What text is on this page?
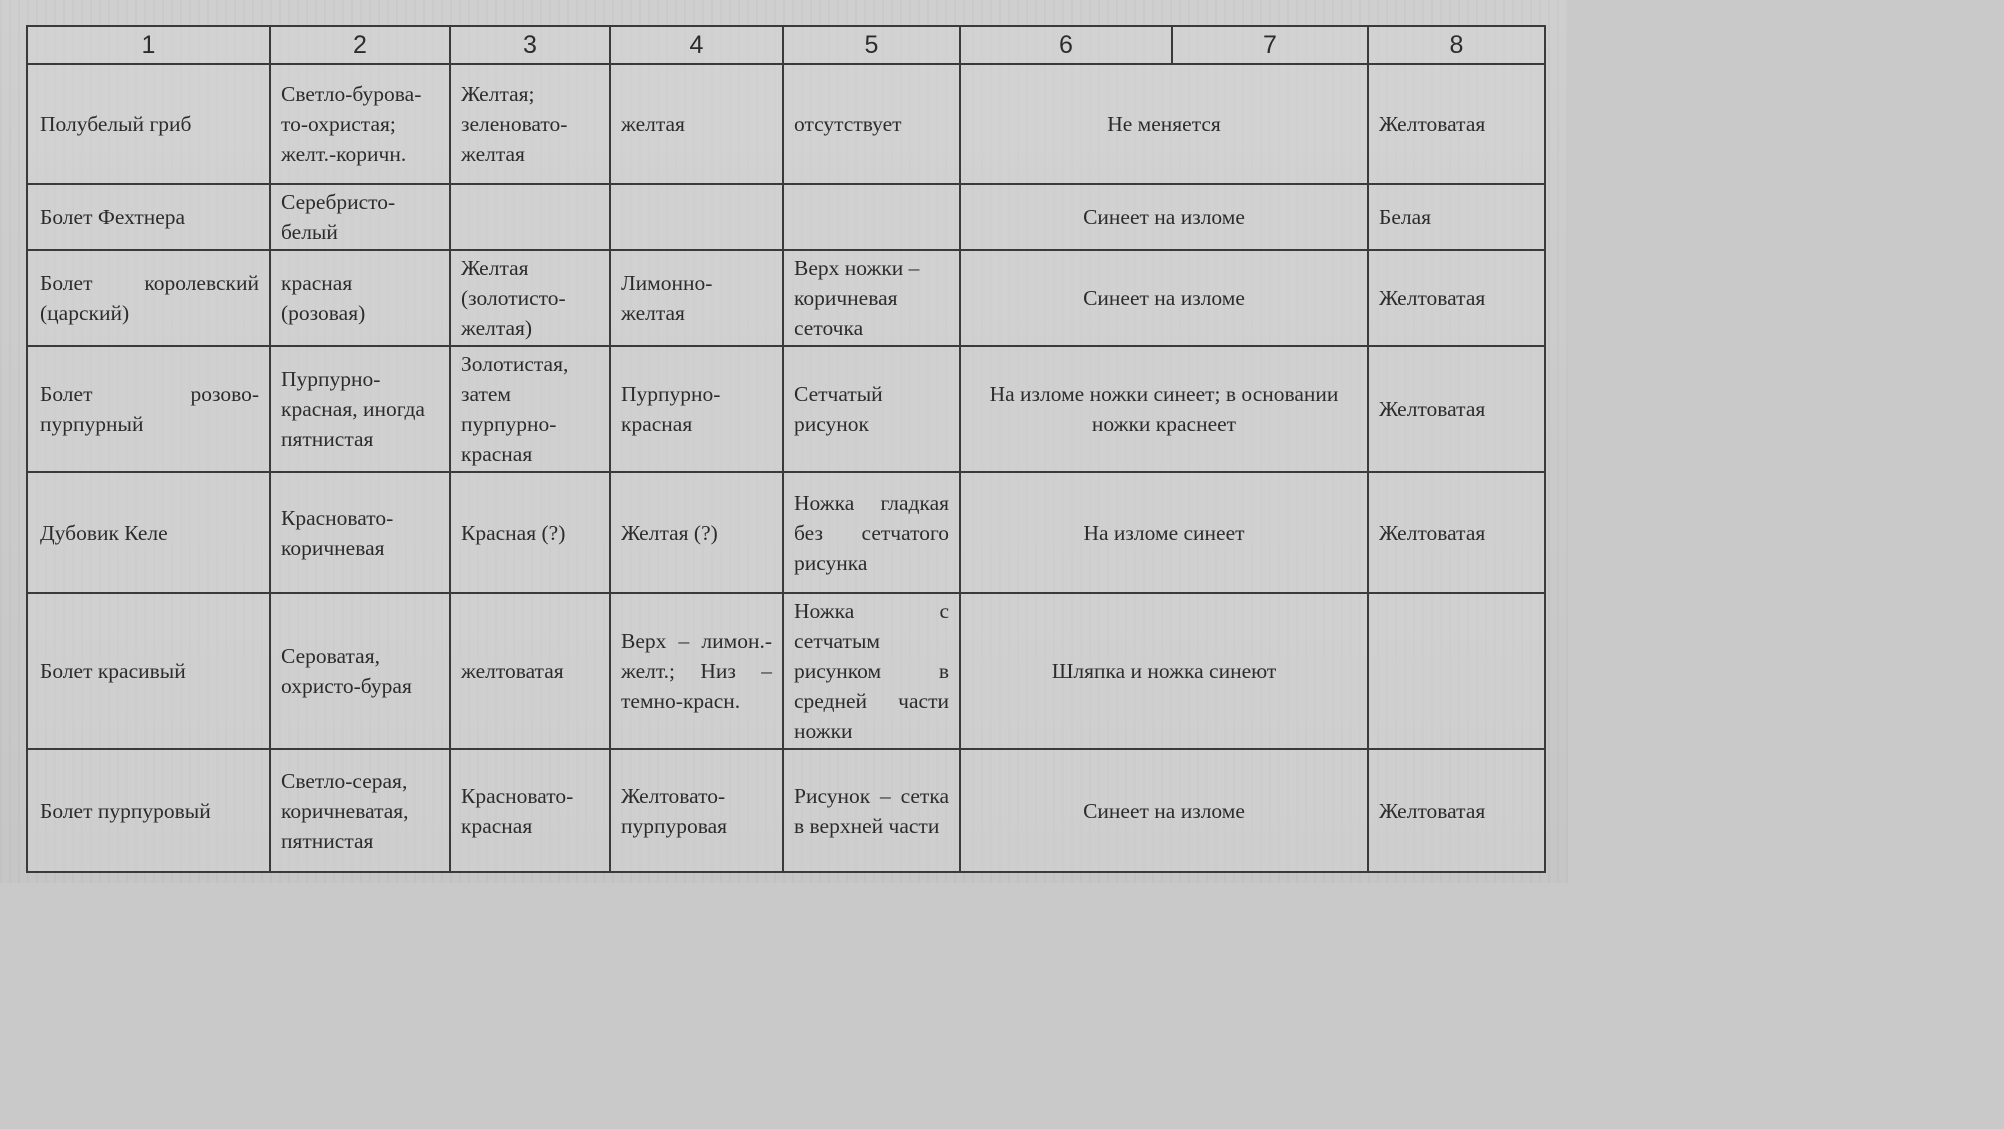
1	2	3	4	5	6	7	8
Полубелый гриб	Светло-буровато-охристая; желт.-коричн.	Желтая; зеленовато-желтая	желтая	отсутствует	Не меняется		Желтоватая
Болет Фехтнера	Серебристо-белый				Синеет на изломе		Белая
Болет королевский (царский)	красная (розовая)	Желтая (золотисто-желтая)	Лимонно-желтая	Верх ножки – коричневая сеточка	Синеет на изломе		Желтоватая
Болет розово-пурпурный	Пурпурно-красная, иногда пятнистая	Золотистая, затем пурпурно-красная	Пурпурно-красная	Сетчатый рисунок	На изломе ножки синеет; в основании ножки краснеет		Желтоватая
Дубовик Келе	Красновато-коричневая	Красная (?)	Желтая (?)	Ножка гладкая без сетчатого рисунка	На изломе синеет		Желтоватая
Болет красивый	Сероватая, охристо-бурая	желтоватая	Верх – лимон.-желт.; Низ – темно-красн.	Ножка с сетчатым рисунком в средней части ножки	Шляпка и ножка синеют		
Болет пурпуровый	Светло-серая, коричневатая, пятнистая	Красновато-красная	Желтовато-пурпуровая	Рисунок – сетка в верхней части	Синеет на изломе		Желтоватая
